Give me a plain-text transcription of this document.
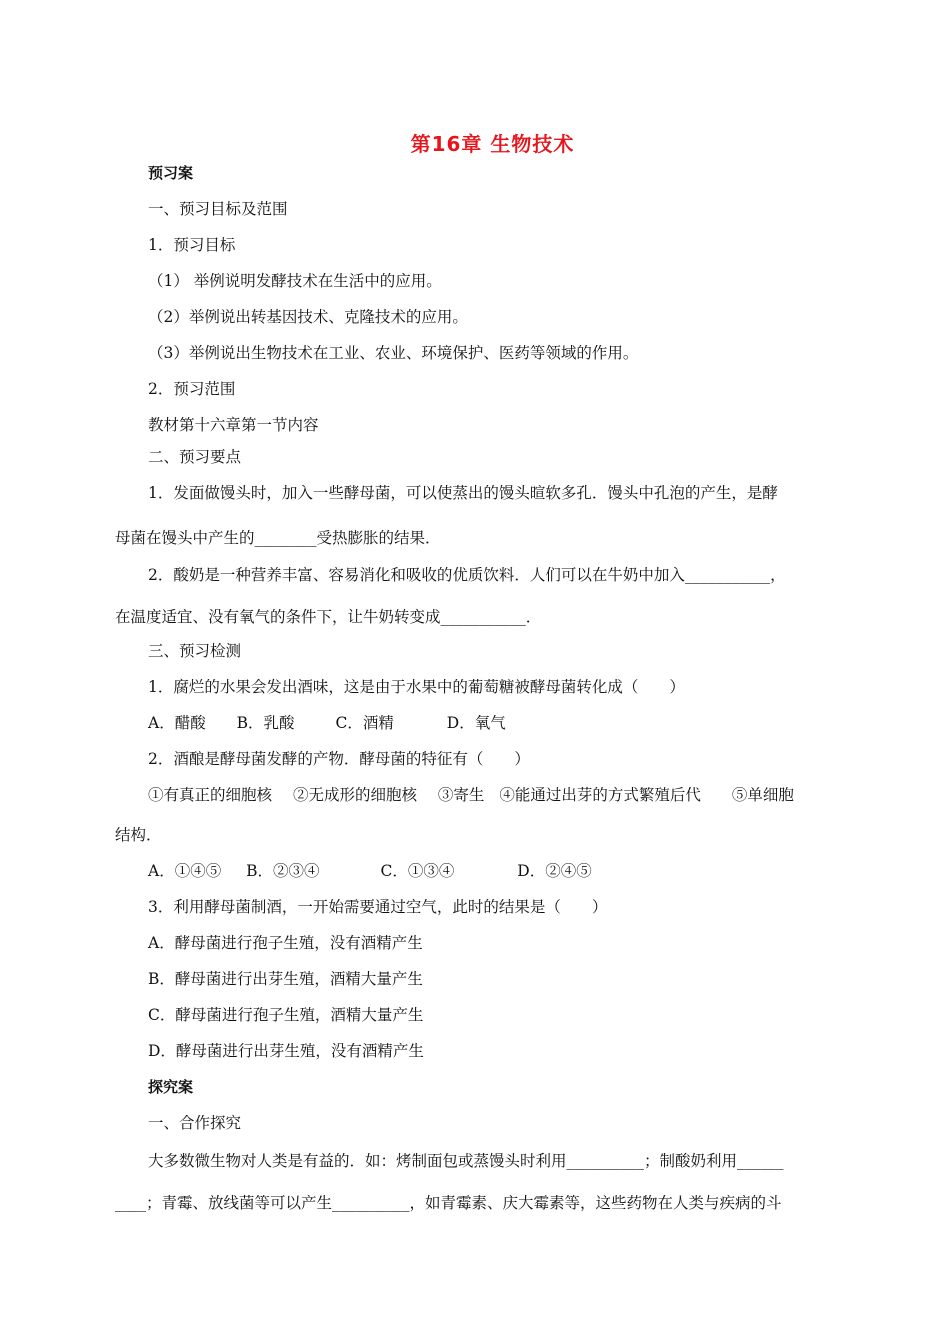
第16章 生物技术
预习案
一、预习目标及范围
1．预习目标
（1） 举例说明发酵技术在生活中的应用。
（2）举例说出转基因技术、克隆技术的应用。
（3）举例说出生物技术在工业、农业、环境保护、医药等领域的作用。
2．预习范围
教材第十六章第一节内容
二、预习要点
1．发面做馒头时，加入一些酵母菌，可以使蒸出的馒头暄软多孔．馒头中孔泡的产生，是酵
母菌在馒头中产生的________受热膨胀的结果．
2．酸奶是一种营养丰富、容易消化和吸收的优质饮料．人们可以在牛奶中加入___________，
在温度适宜、没有氧气的条件下，让牛奶转变成___________．
三、预习检测
1．腐烂的水果会发出酒味，这是由于水果中的葡萄糖被酵母菌转化成（　　）
A．醋酸 B．乳酸	C．酒精	D．氧气
2．酒酿是酵母菌发酵的产物．酵母菌的特征有（　　）
①有真正的细胞核 ②无成形的细胞核 ③寄生 ④能通过出芽的方式繁殖后代 ⑤单细胞
结构．
A．①④⑤ B．②③④	C．①③④	D．②④⑤
3．利用酵母菌制酒，一开始需要通过空气，此时的结果是（　　）
A．酵母菌进行孢子生殖，没有酒精产生
B．酵母菌进行出芽生殖，酒精大量产生
C．酵母菌进行孢子生殖，酒精大量产生
D．酵母菌进行出芽生殖，没有酒精产生
探究案
一、合作探究
大多数微生物对人类是有益的．如：烤制面包或蒸馒头时利用__________；制酸奶利用______
____；青霉、放线菌等可以产生__________，如青霉素、庆大霉素等，这些药物在人类与疾病的斗
